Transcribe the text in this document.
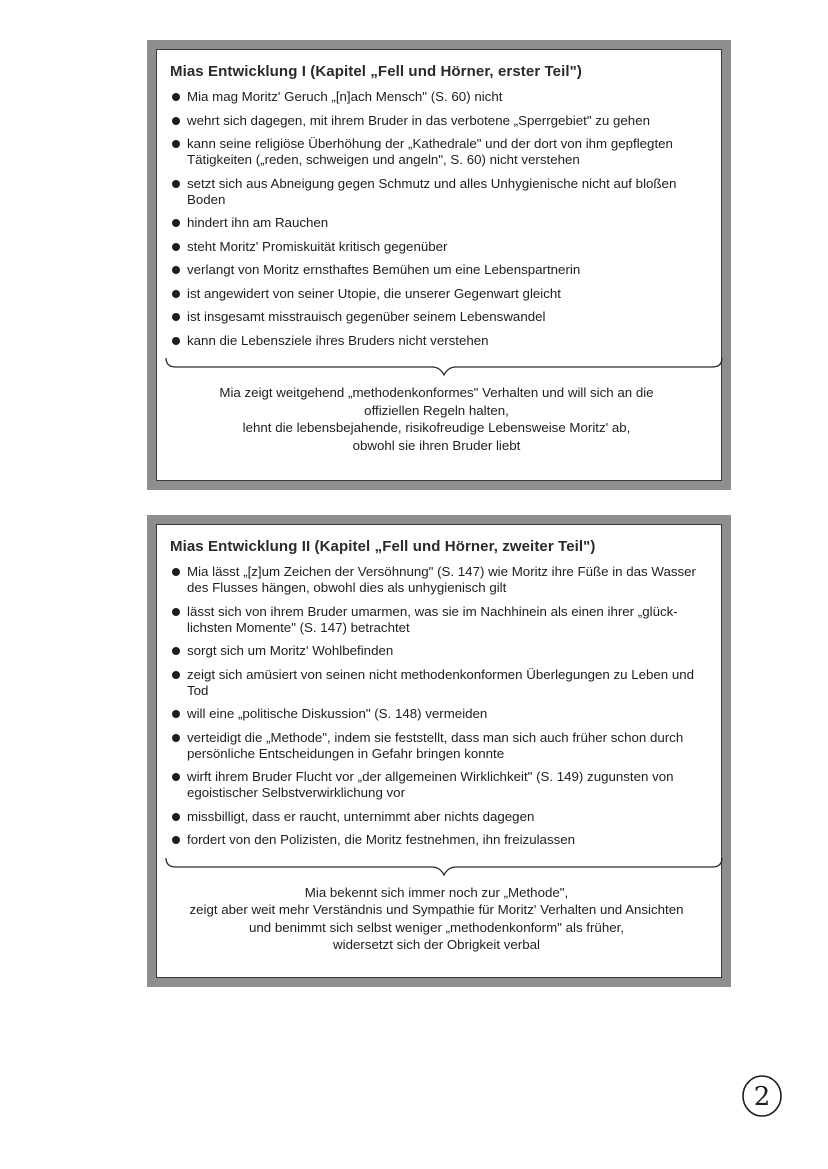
Mias Entwicklung I (Kapitel „Fell und Hörner, erster Teil")
Mia mag Moritz' Geruch „[n]ach Mensch" (S. 60) nicht
wehrt sich dagegen, mit ihrem Bruder in das verbotene „Sperrgebiet" zu gehen
kann seine religiöse Überhöhung der „Kathedrale" und der dort von ihm gepflegten Tätigkeiten („reden, schweigen und angeln", S. 60) nicht verstehen
setzt sich aus Abneigung gegen Schmutz und alles Unhygienische nicht auf bloßen Boden
hindert ihn am Rauchen
steht Moritz' Promiskuität kritisch gegenüber
verlangt von Moritz ernsthaftes Bemühen um eine Lebenspartnerin
ist angewidert von seiner Utopie, die unserer Gegenwart gleicht
ist insgesamt misstrauisch gegenüber seinem Lebenswandel
kann die Lebensziele ihres Bruders nicht verstehen
Mia zeigt weitgehend „methodenkonformes" Verhalten und will sich an die
offiziellen Regeln halten,
lehnt die lebensbejahende, risikofreudige Lebensweise Moritz' ab,
obwohl sie ihren Bruder liebt
Mias Entwicklung II (Kapitel „Fell und Hörner, zweiter Teil")
Mia lässt „[z]um Zeichen der Versöhnung" (S. 147) wie Moritz ihre Füße in das Wasser des Flusses hängen, obwohl dies als unhygienisch gilt
lässt sich von ihrem Bruder umarmen, was sie im Nachhinein als einen ihrer „glück-lichsten Momente" (S. 147) betrachtet
sorgt sich um Moritz' Wohlbefinden
zeigt sich amüsiert von seinen nicht methodenkonformen Überlegungen zu Leben und Tod
will eine „politische Diskussion" (S. 148) vermeiden
verteidigt die „Methode", indem sie feststellt, dass man sich auch früher schon durch persönliche Entscheidungen in Gefahr bringen konnte
wirft ihrem Bruder Flucht vor „der allgemeinen Wirklichkeit" (S. 149) zugunsten von egoistischer Selbstverwirklichung vor
missbilligt, dass er raucht, unternimmt aber nichts dagegen
fordert von den Polizisten, die Moritz festnehmen, ihn freizulassen
Mia bekennt sich immer noch zur „Methode",
zeigt aber weit mehr Verständnis und Sympathie für Moritz' Verhalten und Ansichten
und benimmt sich selbst weniger „methodenkonform" als früher,
widersetzt sich der Obrigkeit verbal
2
